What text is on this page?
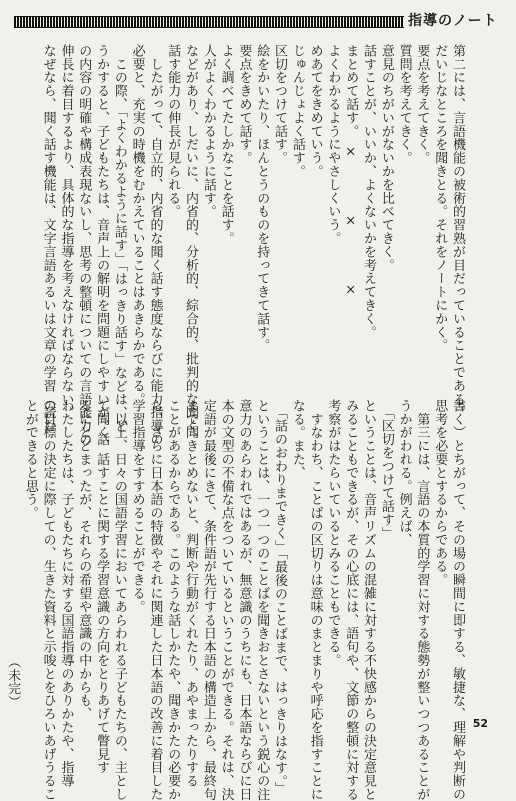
指導のノート

第二には、言語機能の被術的習熟が目だっていることである。

だいじなところを聞きとる。それをノートにかく。

要点を考えてきく。

質問を考えてきく。

意見のちがいがないかを比べてきく。

話すことが、いいか、よくないかを考えてきく。

まとめて話す。　×　　　　×　　　　×

よくわかるようにやさしくいう。

めあてをきめていう。

じゅんじょよく話す。

区切をつけて話す。

絵をかいたり、ほんとうのものを持ってきて話す。

要点をきめて話す。

よく調べてたしかなことを話す。

人がよくわかるように話す。

などがあり、しだいに、内省的、分析的、綜合的、批判的な聞く、

話す能力の伸長が見られる。

　したがって、自立的、内省的な聞く話す態度ならびに能力指導の

必要と、充実の時機をむかえていることはあきらかである。

　この際、「よくわかるように話す」「はっきり話す」などは、ど

うかすると、子どもたちは、音声上の解明を問題にしやすいが、話

の内容の明確や構成表現ないし、思考の整頓についての言語能力の

伸長に着目するより、具体的な指導を考えなければならない。

なぜなら、聞く話す機能は、文字言語あるいは文章の学習（読む

書く）とちがって、その場の瞬間に即する、敏捷な、理解や判断の

思考を必要とするからである。

　第三には、言語の本質的学習に対する態勢が整いつつあることが

うかがわれる。例えば、

　「区切をつけて話す」

ということは、音声リズムの混雑に対する不快感からの決定意見と

みることもできるが、その心底には、語句や、文節の整頓に対する

考察がはたらいているとみることもできる。

　すなわち、ことばの区切りは意味のまとまりや呼応を指すことに

なる。また、

　「話のおわりまできく」「最後のことばまで、はっきりはなす。」

ということは、一つ一つのことばを聞きおとさないという鋭心の注

意力のあらわれではあるが、無意識のうちにも、日本語ならびに日

本の文型の不備な点をついているということができる。それは、決

定語が最後にきて、条件語が先行する日本語の構造上から、最終句

まで聞きとめないと、判断や行動がくれたり、あやまったりする

ことがあるからである。このような話しかたや、聞きかたの必要か

ら、さらに日本語の特徴やそれに関連した日本語の改善に着目した

学習指導をすすめることができる。

　以上、日々の国語学習においてあらわれる子どもたちの、主とし

て聞く、話すことに関する学習意識の方向をとりあげて瞥見す

るにとどまったが、それらの希望や意識の中からも、

わたしたちは、子どもたちに対する国語指導のありかたや、指導

の目標の決定に際しての、生きた資料と示唆とをひろいあげうるこ

とができると思う。

（未完）

52
